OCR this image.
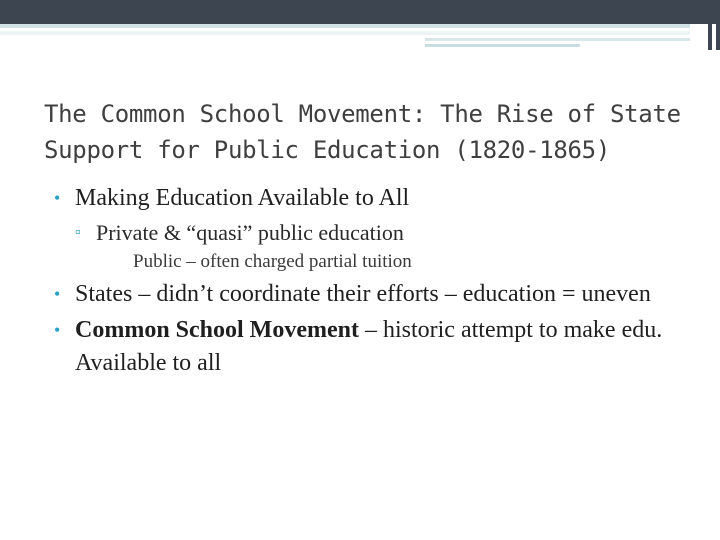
The Common School Movement: The Rise of State Support for Public Education (1820-1865)
• Making Education Available to All
▫ Private & “quasi” public education
Public – often charged partial tuition
• States – didn’t coordinate their efforts – education = uneven
• Common School Movement – historic attempt to make edu. Available to all
